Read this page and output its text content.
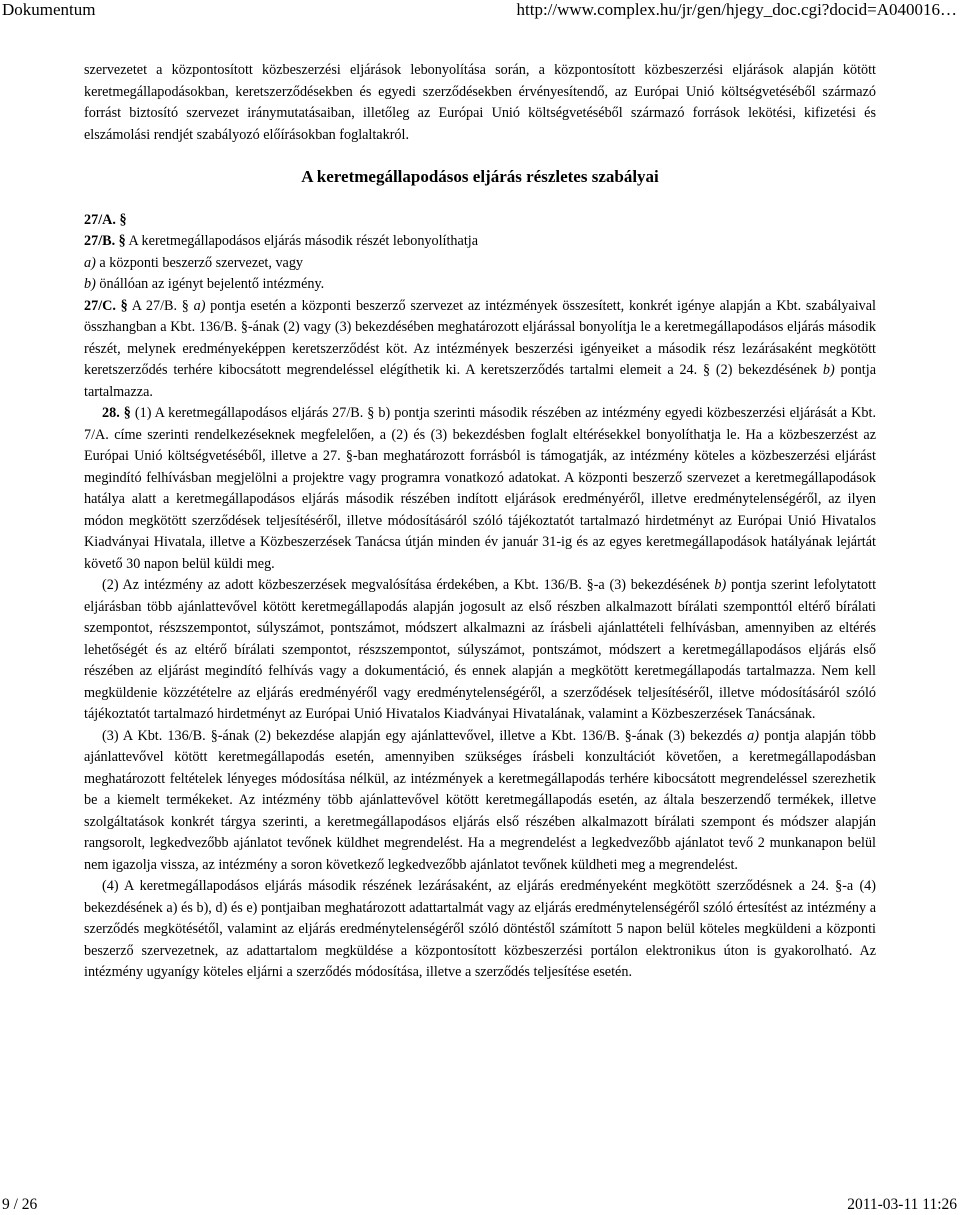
Dokumentum	http://www.complex.hu/jr/gen/hjegy_doc.cgi?docid=A040016…

szervezetet a központosított közbeszerzési eljárások lebonyolítása során, a központosított közbeszerzési eljárások alapján kötött keretmegállapodásokban, keretszerződésekben és egyedi szerződésekben érvényesítendő, az Európai Unió költségvetéséből származó forrást biztosító szervezet iránymutatásaiban, illetőleg az Európai Unió költségvetéséből származó források lekötési, kifizetési és elszámolási rendjét szabályozó előírásokban foglaltakról.

A keretmegállapodásos eljárás részletes szabályai

27/A. §

27/B. § A keretmegállapodásos eljárás második részét lebonyolíthatja

a) a központi beszerző szervezet, vagy

b) önállóan az igényt bejelentő intézmény.

27/C. § A 27/B. § a) pontja esetén a központi beszerző szervezet az intézmények összesített, konkrét igénye alapján a Kbt. szabályaival összhangban a Kbt. 136/B. §-ának (2) vagy (3) bekezdésében meghatározott eljárással bonyolítja le a keretmegállapodásos eljárás második részét, melynek eredményeképpen keretszerződést köt. Az intézmények beszerzési igényeiket a második rész lezárásaként megkötött keretszerződés terhére kibocsátott megrendeléssel elégíthetik ki. A keretszerződés tartalmi elemeit a 24. § (2) bekezdésének b) pontja tartalmazza.

28. § (1) A keretmegállapodásos eljárás 27/B. § b) pontja szerinti második részében az intézmény egyedi közbeszerzési eljárását a Kbt. 7/A. címe szerinti rendelkezéseknek megfelelően, a (2) és (3) bekezdésben foglalt eltérésekkel bonyolíthatja le. Ha a közbeszerzést az Európai Unió költségvetéséből, illetve a 27. §-ban meghatározott forrásból is támogatják, az intézmény köteles a közbeszerzési eljárást megindító felhívásban megjelölni a projektre vagy programra vonatkozó adatokat. A központi beszerző szervezet a keretmegállapodások hatálya alatt a keretmegállapodásos eljárás második részében indított eljárások eredményéről, illetve eredménytelenségéről, az ilyen módon megkötött szerződések teljesítéséről, illetve módosításáról szóló tájékoztatót tartalmazó hirdetményt az Európai Unió Hivatalos Kiadványai Hivatala, illetve a Közbeszerzések Tanácsa útján minden év január 31-ig és az egyes keretmegállapodások hatályának lejártát követő 30 napon belül küldi meg.

(2) Az intézmény az adott közbeszerzések megvalósítása érdekében, a Kbt. 136/B. §-a (3) bekezdésének b) pontja szerint lefolytatott eljárásban több ajánlattevővel kötött keretmegállapodás alapján jogosult az első részben alkalmazott bírálati szemponttól eltérő bírálati szempontot, részszempontot, súlyszámot, pontszámot, módszert alkalmazni az írásbeli ajánlattételi felhívásban, amennyiben az eltérés lehetőségét és az eltérő bírálati szempontot, részszempontot, súlyszámot, pontszámot, módszert a keretmegállapodásos eljárás első részében az eljárást megindító felhívás vagy a dokumentáció, és ennek alapján a megkötött keretmegállapodás tartalmazza. Nem kell megküldenie közzétételre az eljárás eredményéről vagy eredménytelenségéről, a szerződések teljesítéséről, illetve módosításáról szóló tájékoztatót tartalmazó hirdetményt az Európai Unió Hivatalos Kiadványai Hivatalának, valamint a Közbeszerzések Tanácsának.

(3) A Kbt. 136/B. §-ának (2) bekezdése alapján egy ajánlattevővel, illetve a Kbt. 136/B. §-ának (3) bekezdés a) pontja alapján több ajánlattevővel kötött keretmegállapodás esetén, amennyiben szükséges írásbeli konzultációt követően, a keretmegállapodásban meghatározott feltételek lényeges módosítása nélkül, az intézmények a keretmegállapodás terhére kibocsátott megrendeléssel szerezhetik be a kiemelt termékeket. Az intézmény több ajánlattevővel kötött keretmegállapodás esetén, az általa beszerzendő termékek, illetve szolgáltatások konkrét tárgya szerinti, a keretmegállapodásos eljárás első részében alkalmazott bírálati szempont és módszer alapján rangsorolt, legkedvezőbb ajánlatot tevőnek küldhet megrendelést. Ha a megrendelést a legkedvezőbb ajánlatot tevő 2 munkanapon belül nem igazolja vissza, az intézmény a soron következő legkedvezőbb ajánlatot tevőnek küldheti meg a megrendelést.

(4) A keretmegállapodásos eljárás második részének lezárásaként, az eljárás eredményeként megkötött szerződésnek a 24. §-a (4) bekezdésének a) és b), d) és e) pontjaiban meghatározott adattartalmát vagy az eljárás eredménytelenségéről szóló értesítést az intézmény a szerződés megkötésétől, valamint az eljárás eredménytelenségéről szóló döntéstől számított 5 napon belül köteles megküldeni a központi beszerző szervezetnek, az adattartalom megküldése a központosított közbeszerzési portálon elektronikus úton is gyakorolható. Az intézmény ugyanígy köteles eljárni a szerződés módosítása, illetve a szerződés teljesítése esetén.

9 / 26	2011-03-11 11:26
